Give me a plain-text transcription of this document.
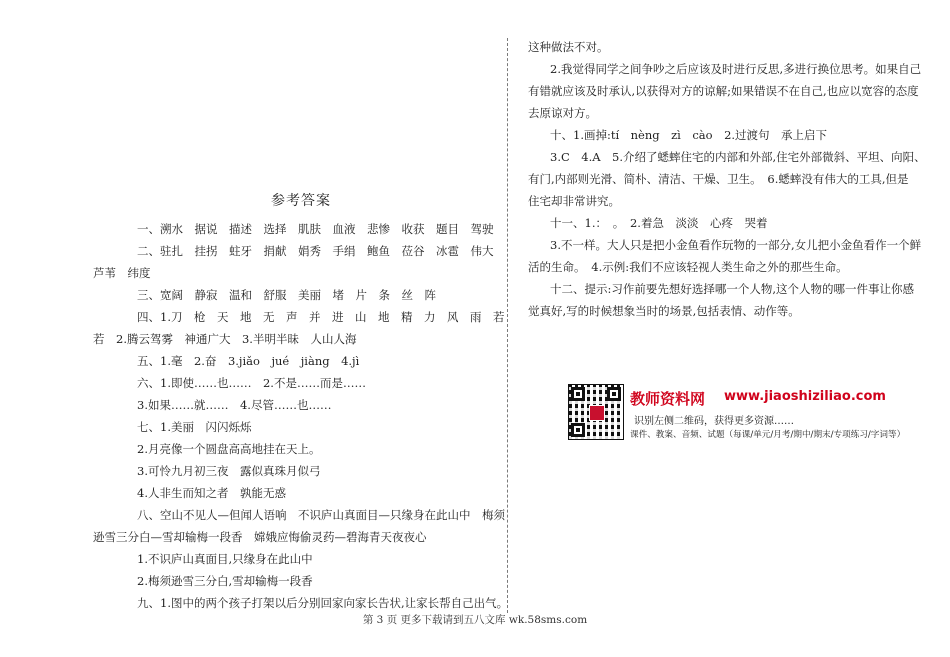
参考答案
一、溯水　据说　描述　选择　肌肤　血液　悲惨　收获　题目　驾驶
二、驻扎　挂拐　蛀牙　捐献　娟秀　手绢　鲍鱼　莅谷　冰雹　伟大
芦苇　纬度
三、宽阔　静寂　温和　舒服　美丽　堵　片　条　丝　阵
四、1.刀　枪　天　地　无　声　并　进　山　地　精　力　风　雨　若
若　2.腾云驾雾　神通广大　3.半明半昧　人山人海
五、1.毫　2.奋　3.jiǎo　jué　jiàng　4.jì
六、1.即使……也……　2.不是……而是……
3.如果……就……　4.尽管……也……
七、1.美丽　闪闪烁烁
2.月亮像一个圆盘高高地挂在天上。
3.可怜九月初三夜　露似真珠月似弓
4.人非生而知之者　孰能无惑
八、空山不见人—但闻人语响　不识庐山真面目—只缘身在此山中　梅须
逊雪三分白—雪却输梅一段香　嫦娥应悔偷灵药—碧海青天夜夜心
1.不识庐山真面目,只缘身在此山中
2.梅须逊雪三分白,雪却输梅一段香
九、1.图中的两个孩子打架以后分别回家向家长告状,让家长帮自己出气。
这种做法不对。
2.我觉得同学之间争吵之后应该及时进行反思,多进行换位思考。如果自己
有错就应该及时承认,以获得对方的谅解;如果错误不在自己,也应以宽容的态度
去原谅对方。
十、1.画掉:tí　nèng　zì　cào　2.过渡句　承上启下
3.C　4.A　5.介绍了蟋蟀住宅的内部和外部,住宅外部微斜、平坦、向阳、
有门,内部则光滑、简朴、清洁、干燥、卫生。　6.蟋蟀没有伟大的工具,但是
住宅却非常讲究。
十一、1.：　。　2.着急　淡淡　心疼　哭着
3.不一样。大人只是把小金鱼看作玩物的一部分,女儿把小金鱼看作一个鲜
活的生命。　4.示例:我们不应该轻视人类生命之外的那些生命。
十二、提示:习作前要先想好选择哪一个人物,这个人物的哪一件事让你感
觉真好,写的时候想象当时的场景,包括表情、动作等。
教师资料网 www.jiaoshiziliao.com
识别左侧二维码，获得更多资源……
课件、教案、音频、试题（每课/单元/月考/期中/期末/专项练习/字词等）
第 3 页 更多下载请到五八文库 wk.58sms.com
